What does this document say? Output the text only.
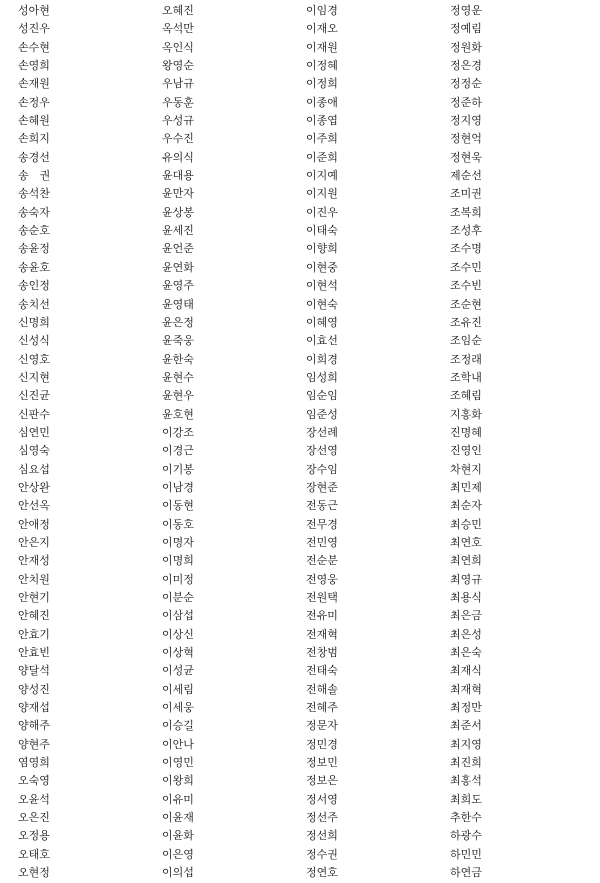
성아현	오혜진	이임경	정영운
성진우	옥석만	이재오	정예림
손수현	옥인식	이재원	정원화
손영희	왕영순	이정혜	정은경
손재원	우남규	이정희	정정순
손정우	우동훈	이종애	정준하
손혜원	우성규	이종엽	정지영
손희지	우수진	이주희	정현억
송경선	유의식	이준희	정현욱
송　권	윤대용	이지예	제순선
송석찬	윤만자	이지원	조미권
송숙자	윤상봉	이진우	조복희
송순호	윤세진	이태숙	조성후
송윤정	윤언준	이향희	조수명
송윤호	윤연화	이현중	조수민
송인정	윤영주	이현석	조수빈
송치선	윤영태	이현숙	조순현
신명희	윤은정	이혜영	조유진
신성식	윤죽웅	이효선	조임순
신영호	윤한숙	이희경	조정래
신지현	윤현수	임성희	조학내
신진균	윤현우	임순임	조혜림
신판수	윤호현	임준성	지홍화
심연민	이강조	장선례	진명혜
심영숙	이경근	장선영	진영인
심요섭	이기봉	장수임	차현지
안상완	이남경	장현준	최민제
안선옥	이동현	전동근	최순자
안애정	이동호	전무경	최승민
안은지	이명자	전민영	최연호
안재성	이명희	전순분	최연희
안치원	이미정	전영웅	최영규
안현기	이분순	전원택	최용식
안혜진	이삼섭	전유미	최은금
안효기	이상신	전재혁	최은성
안효빈	이상혁	전창범	최은숙
양달석	이성균	전태숙	최재식
양성진	이세림	전해솔	최재혁
양재섭	이세웅	전혜주	최정만
양해주	이승길	정문자	최준서
양현주	이안나	정민경	최지영
염영희	이영민	정보민	최진희
오숙영	이왕희	정보은	최홍석
오윤석	이유미	정서영	최희도
오은진	이윤재	정선주	추한수
오정용	이윤화	정선희	하광수
오태호	이은영	정수권	하민민
오현정	이의섭	정연호	하연금
